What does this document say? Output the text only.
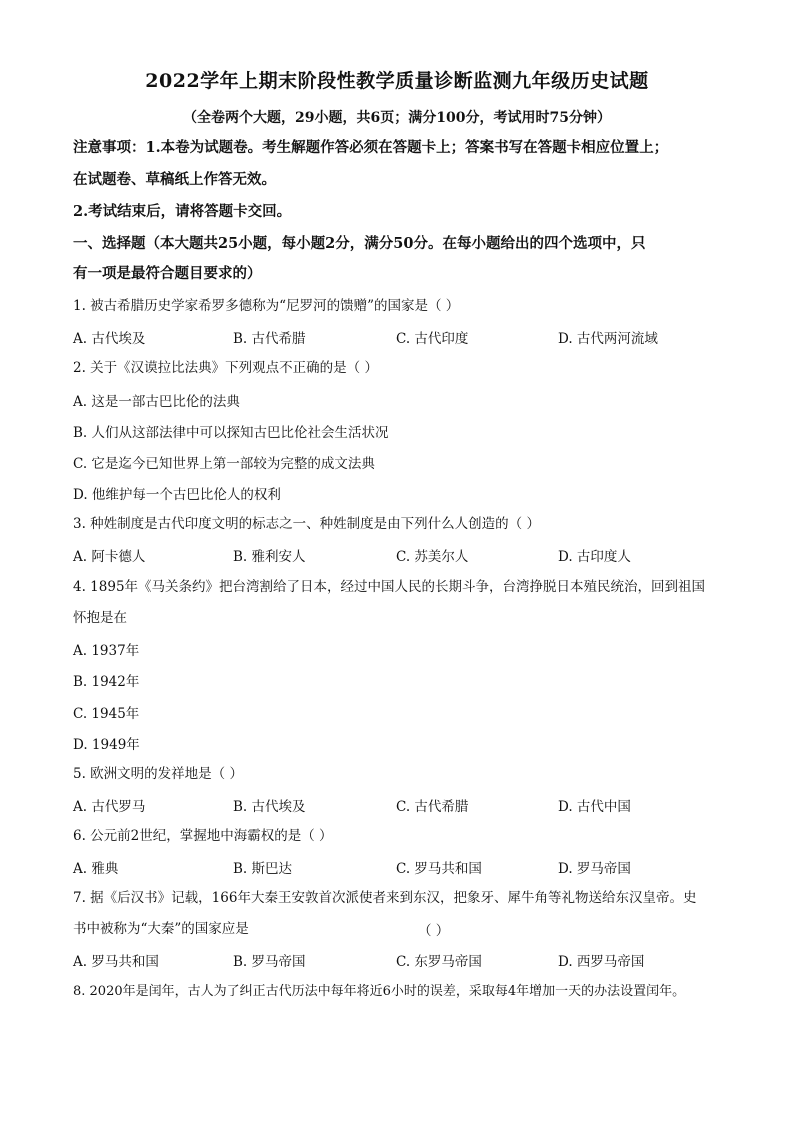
2022学年上期末阶段性教学质量诊断监测九年级历史试题
（全卷两个大题，29小题，共6页；满分100分，考试用时75分钟）
注意事项：1.本卷为试题卷。考生解题作答必须在答题卡上；答案书写在答题卡相应位置上；
在试题卷、草稿纸上作答无效。
2.考试结束后，请将答题卡交回。
一、选择题（本大题共25小题，每小题2分，满分50分。在每小题给出的四个选项中，只
有一项是最符合题目要求的）
1. 被古希腊历史学家希罗多德称为“尼罗河的馈赠”的国家是（ ）
A. 古代埃及	B. 古代希腊	C. 古代印度	D. 古代两河流域
2. 关于《汉谟拉比法典》下列观点不正确的是（ ）
A. 这是一部古巴比伦的法典
B. 人们从这部法律中可以探知古巴比伦社会生活状况
C. 它是迄今已知世界上第一部较为完整的成文法典
D. 他维护每一个古巴比伦人的权利
3. 种姓制度是古代印度文明的标志之一、种姓制度是由下列什么人创造的（ ）
A. 阿卡德人	B. 雅利安人	C. 苏美尔人	D. 古印度人
4. 1895年《马关条约》把台湾割给了日本，经过中国人民的长期斗争，台湾挣脱日本殖民统治，回到祖国
怀抱是在
A. 1937年
B. 1942年
C. 1945年
D. 1949年
5. 欧洲文明的发祥地是（ ）
A. 古代罗马	B. 古代埃及	C. 古代希腊	D. 古代中国
6. 公元前2世纪，掌握地中海霸权的是（ ）
A. 雅典	B. 斯巴达	C. 罗马共和国	D. 罗马帝国
7. 据《后汉书》记载，166年大秦王安敦首次派使者来到东汉，把象牙、犀牛角等礼物送给东汉皇帝。史
书中被称为“大秦”的国家应是	（ ）
A. 罗马共和国	B. 罗马帝国	C. 东罗马帝国	D. 西罗马帝国
8. 2020年是闰年，古人为了纠正古代历法中每年将近6小时的误差，采取每4年增加一天的办法设置闰年。
